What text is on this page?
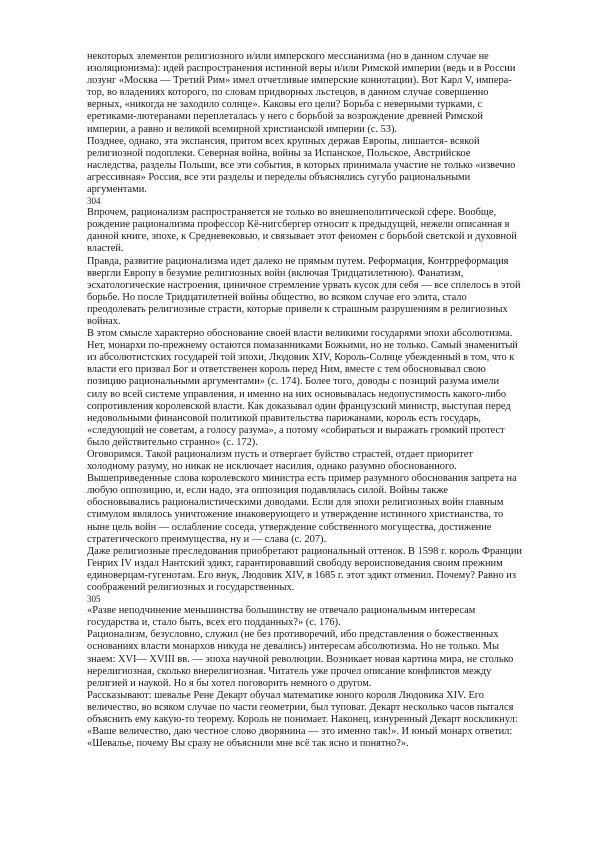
некоторых элементов религиозного и/или имперского мессианизма (но в данном случае не изоляционизма): идей распространения истинной веры и/или Римской империи (ведь и в России лозунг «Москва — Третий Рим» имел отчетливые имперские коннотации). Вот Карл V, импера-тор, во владениях которого, по словам придворных льстецов, в данном случае совершенно верных, «никогда не заходило солнце». Каковы его цели? Борьба с неверными турками, с еретиками-лютеранами переплеталась у него с борьбой за возрождение древней Римской империи, а равно и великой всемирной христианской империи (с. 53).

Позднее, однако, эта экспансия, притом всех крупных держав Европы, лишается- всякой религиозной подоплеки. Северная война, войны за Испанское, Польское, Австрийское наследства, разделы Польши, все эти события, в которых принимала участие не только «извечно агрессивная» Россия, все эти разделы и переделы объяснялись сугубо рациональными аргументами.

304

Впрочем, рационализм распространяется не только во внешнеполитической сфере. Вообще, рождение рационализма профессор Кё-нигсбергер относит к предыдущей, нежели описанная в данной книге, эпохе, к Средневековью, и связывает этот феномен с борьбой светской и духовной властей.

Правда, развитие рационализма идет далеко не прямым путем. Реформация, Контрреформация ввергли Европу в безумие религиозных войн (включая Тридцатилетнюю). Фанатизм, эсхатологические настроения, циничное стремление урвать кусок для себя — все сплелось в этой борьбе. Но после Тридцатилетней войны общество, во всяком случае его элита, стало преодолевать религиозные страсти, которые привели к страшным разрушениям в религиозных войнах.

В этом смысле характерно обоснование своей власти великими государями эпохи абсолютизма. Нет, монархи по-прежнему остаются помазанниками Божьими, но не только. Самый знаменитый из абсолютистских государей той эпохи, Людовик XIV, Король-Солнце убежденный в том, что к власти его призвал Бог и ответственен король перед Ним, вместе с тем обосновывал свою позицию рациональными аргументами» (с. 174). Более того, доводы с позиций разума имели силу во всей системе управления, и именно на них основывалась недопустимость какого-либо сопротивления королевской власти. Как доказывал один французский министр, выступая перед недовольными финансовой политикой правительства парижанами, король есть государь, «следующий не советам, а голосу разума», а потому «собираться и выражать громкий протест было действительно странно» (с. 172).

Оговоримся. Такой рационализм пусть и отвергает буйство страстей, отдает приоритет холодному разуму, но никак не исключает насилия, однако разумно обоснованного. Вышеприведенные слова королевского министра есть пример разумного обоснования запрета на любую оппозицию, и, если надо, эта оппозиция подавлялась силой. Войны также обосновывались рационалистическими доводами. Если для эпохи религиозных войн главным стимулом являлось уничтожение инаковерующего и утверждение истинного христианства, то ныне цель войн — ослабление соседа, утверждение собственного могущества, достижение стратегического преимущества, ну и — слава (с. 207).

Даже религиозные преследования приобретают рациональный оттенок. В 1598 г. король Франции Генрих IV издал Нантский эдикт, гарантировавший свободу вероисповедания своим прежним единоверцам-гугенотам. Его внук, Людовик XIV, в 1685 г. этот эдикт отменил. Почему? Равно из соображений религиозных и государственных.

305

«Разве неподчинение меньшинства большинству не отвечало рациональным интересам государства и, стало быть, всех его подданных?» (с. 176).

Рационализм, безусловно, служил (не без противоречий, ибо представления о божественных основаниях власти монархов никуда не девались) интересам абсолютизма. Но не только. Мы знаем: XVI— XVIII вв. — эпоха научной революции. Возникает новая картина мира, не столько нерелигиозная, сколько внерелигиозная. Читатель уже прочел описание конфликтов между религией и наукой. Но я бы хотел поговорить немного о другом.

Рассказывают: шевалье Рене Декарт обучал математике юного короля Людовика XIV. Его величество, во всяком случае по части геометрии, был туповат. Декарт несколько часов пытался объяснить ему какую-то теорему. Король не понимает. Наконец, изнуренный Декарт воскликнул: «Ваше величество, даю честное слово дворянина — это именно так!». И юный монарх ответил: «Шевалье, почему Вы сразу не объяснили мне всё так ясно и понятно?».
